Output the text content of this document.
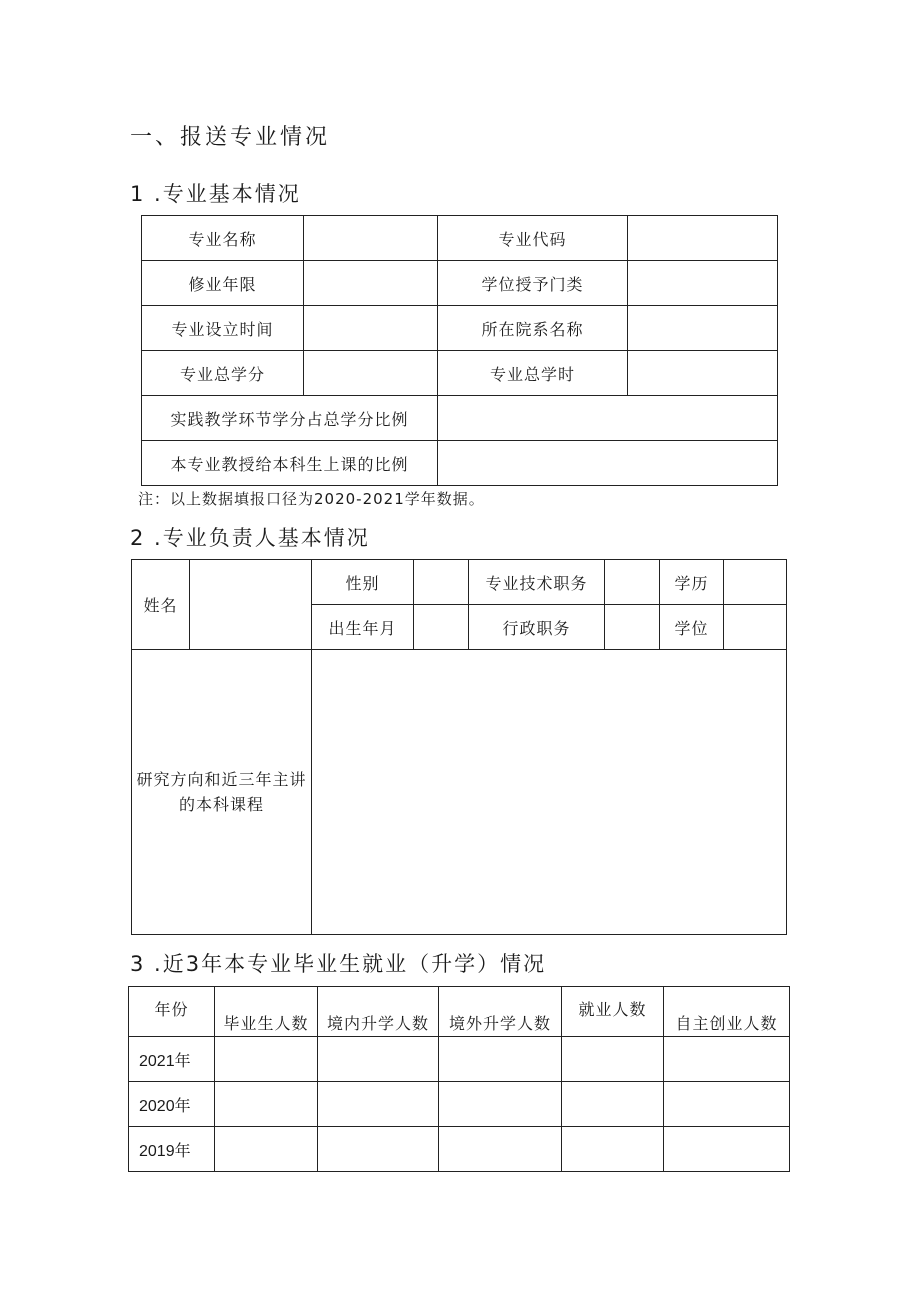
一、报送专业情况
1 .专业基本情况
专业名称		专业代码	
修业年限		学位授予门类	
专业设立时间		所在院系名称	
专业总学分		专业总学时	
实践教学环节学分占总学分比例			
本专业教授给本科生上课的比例			
注：以上数据填报口径为2020-2021学年数据。
2 .专业负责人基本情况
姓名		性别		专业技术职务		学历	
		出生年月		行政职务		学位	
研究方向和近三年主讲的本科课程							
3 .近3年本专业毕业生就业（升学）情况
年份	毕业生人数	境内升学人数	境外升学人数	就业人数	自主创业人数
2021年					
2020年					
2019年					
